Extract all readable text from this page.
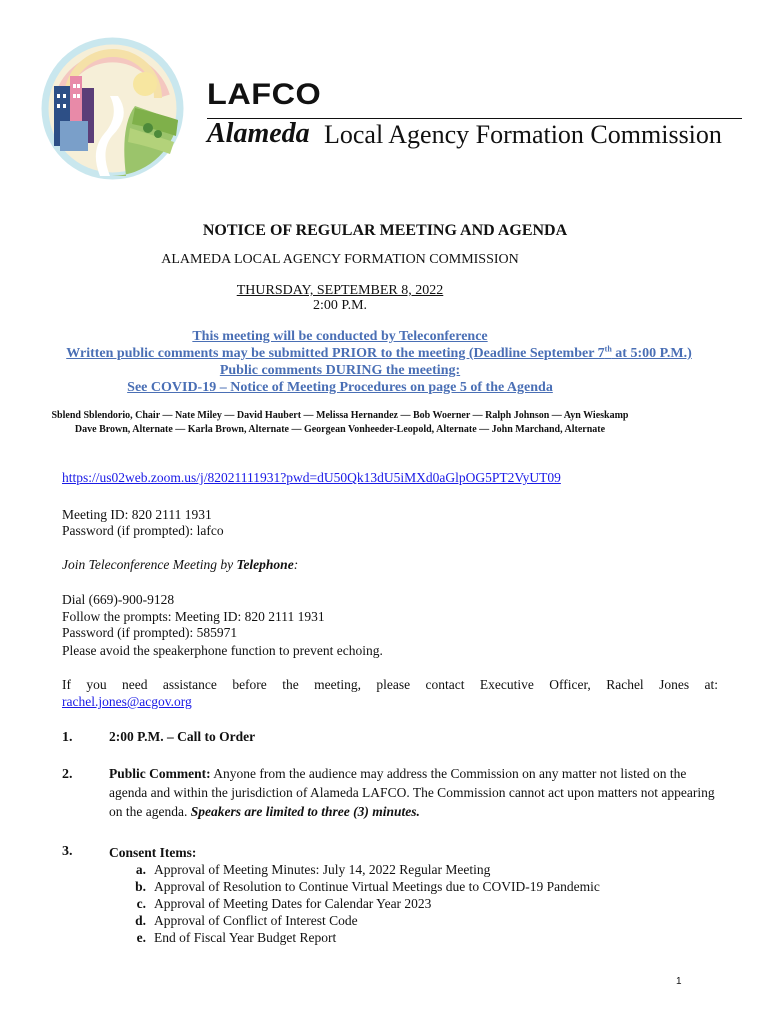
LAFCO
Alameda Local Agency Formation Commission
NOTICE OF REGULAR MEETING AND AGENDA
ALAMEDA LOCAL AGENCY FORMATION COMMISSION
THURSDAY, SEPTEMBER 8, 2022
2:00 P.M.
This meeting will be conducted by Teleconference
Written public comments may be submitted PRIOR to the meeting (Deadline September 7th at 5:00 P.M.)
Public comments DURING the meeting:
See COVID-19 – Notice of Meeting Procedures on page 5 of the Agenda
Sblend Sblendorio, Chair — Nate Miley — David Haubert — Melissa Hernandez — Bob Woerner — Ralph Johnson — Ayn Wieskamp
Dave Brown, Alternate — Karla Brown, Alternate — Georgean Vonheeder-Leopold, Alternate — John Marchand, Alternate
https://us02web.zoom.us/j/82021111931?pwd=dU50Qk13dU5iMXd0aGlpOG5PT2VyUT09
Meeting ID: 820 2111 1931
Password (if prompted): lafco
Join Teleconference Meeting by Telephone:
Dial (669)-900-9128
Follow the prompts: Meeting ID: 820 2111 1931
Password (if prompted): 585971
Please avoid the speakerphone function to prevent echoing.
If you need assistance before the meeting, please contact Executive Officer, Rachel Jones at:
rachel.jones@acgov.org
1.	2:00 P.M. – Call to Order
2.	Public Comment: Anyone from the audience may address the Commission on any matter not listed on the agenda and within the jurisdiction of Alameda LAFCO. The Commission cannot act upon matters not appearing on the agenda. Speakers are limited to three (3) minutes.
3.	Consent Items:
a. Approval of Meeting Minutes: July 14, 2022 Regular Meeting
b. Approval of Resolution to Continue Virtual Meetings due to COVID-19 Pandemic
c. Approval of Meeting Dates for Calendar Year 2023
d. Approval of Conflict of Interest Code
e. End of Fiscal Year Budget Report
1
